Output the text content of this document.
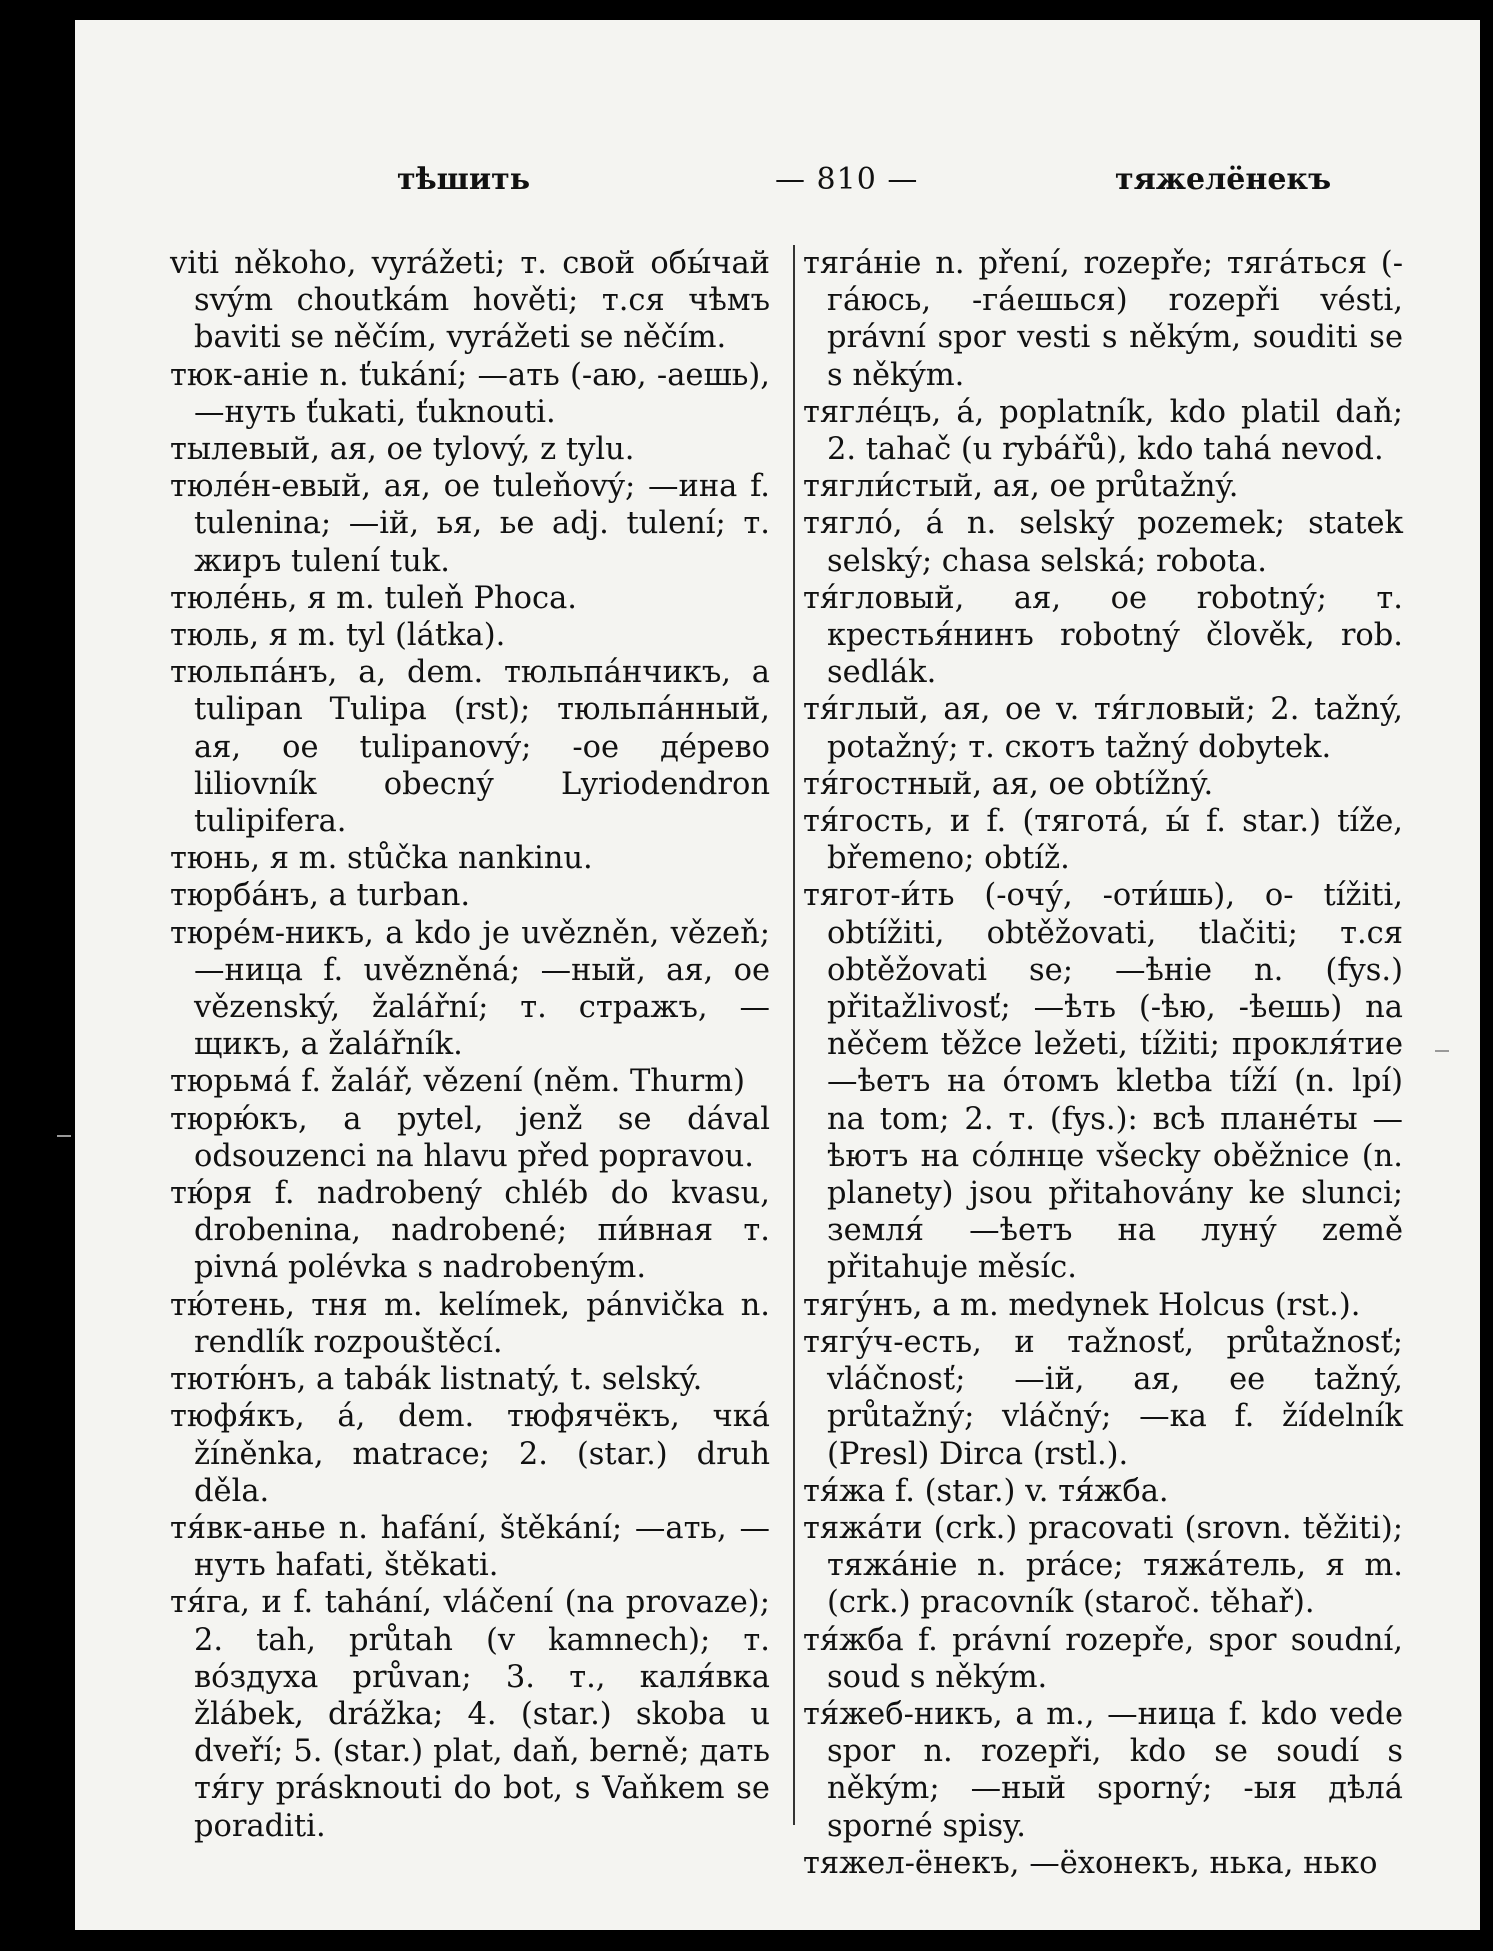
тѣшить	— 810 —	тяжелёнекъ

viti někoho, vyrážeti; т. свой обы́чай svým choutkám hověti; т.ся чѣмъ baviti se něčím, vyrážeti se něčím.

тюк-аніе n. ťukání; —ать (-аю, -аешь), —нуть ťukati, ťuknouti.

тылевый, ая, ое tylový, z tylu.

тюле́н-евый, ая, ое tuleňový; —ина f. tulenina; —ій, ья, ье adj. tulení; т. жиръ tulení tuk.

тюле́нь, я m. tuleň Phoca.

тюль, я m. tyl (látka).

тюльпа́нъ, а, dem. тюльпа́нчикъ, а tulipan Tulipa (rst); тюльпа́нный, ая, ое tulipanový; -ое де́рево liliovník obecný Lyriodendron tulipifera.

тюнь, я m. stůčka nankinu.

тюрба́нъ, а turban.

тюре́м-никъ, а kdo je uvězněn, vězeň; —ница f. uvězněná; —ный, ая, ое vězenský, žalářní; т. стражъ, —щикъ, а žalářník.

тюрьма́ f. žalář, vězení (něm. Thurm)

тюрю́къ, а pytel, jenž se dával odsouzenci na hlavu před popravou.

тю́ря f. nadrobený chléb do kvasu, drobenina, nadrobené; пи́вная т. pivná polévka s nadrobeným.

тю́тень, тня m. kelímek, pánvička n. rendlík rozpouštěcí.

тютю́нъ, а tabák listnatý, t. selský.

тюфя́къ, а́, dem. тюфячёкъ, чка́ žíněnka, matrace; 2. (star.) druh děla.

тя́вк-анье n. hafání, štěkání; —ать, —нуть hafati, štěkati.

тя́га, и f. tahání, vláčení (na provaze); 2. tah, průtah (v kamnech); т. во́здуха průvan; 3. т., каля́вка žlábek, drážka; 4. (star.) skoba u dveří; 5. (star.) plat, daň, berně; дать тя́гу prásknouti do bot, s Vaňkem se poraditi.

тяга́ніе n. pření, rozepře; тяга́ться (-га́юсь, -га́ешься) rozepři vésti, právní spor vesti s někým, souditi se s někým.

тягле́цъ, а́, poplatník, kdo platil daň; 2. tahač (u rybářů), kdo tahá nevod.

тягли́стый, ая, ое průtažný.

тягло́, а́ n. selský pozemek; statek selský; chasa selská; robota.

тя́гловый, ая, ое robotný; т. крестья́нинъ robotný člověk, rob. sedlák.

тя́глый, ая, ое v. тя́гловый; 2. tažný, potažný; т. скотъ tažný dobytek.

тя́гостный, ая, ое obtížný.

тя́гость, и f. (тягота́, ы́ f. star.) tíže, břemeno; obtíž.

тягот-и́ть (-очу́, -оти́шь), о- tížiti, obtížiti, obtěžovati, tlačiti; т.ся obtěžovati se; —ѣніе n. (fys.) přitažlivosť; —ѣть (-ѣю, -ѣешь) na něčem těžce ležeti, tížiti; прокля́тие —ѣетъ на о́томъ kletba tíží (n. lpí) na tom; 2. т. (fys.): всѣ плане́ты —ѣютъ на со́лнце všecky oběžnice (n. planety) jsou přitahovány ke slunci; земля́ —ѣетъ на луну́ země přitahuje měsíc.

тягу́нъ, а m. medynek Holcus (rst.).

тягу́ч-есть, и тažnosť, průtažnosť; vláčnosť; —ій, ая, ее tažný, průtažný; vláčný; —ка f. žídelník (Presl) Dirca (rstl.).

тя́жа f. (star.) v. тя́жба.

тяжа́ти (crk.) pracovati (srovn. těžiti); тяжа́ніе n. práce; тяжа́тель, я m. (crk.) pracovník (staroč. těhař).

тя́жба f. právní rozepře, spor soudní, soud s někým.

тя́жеб-никъ, а m., —ница f. kdo vede spor n. rozepři, kdo se soudí s někým; —ный sporný; -ыя дѣла́ sporné spisy.

тяжел-ёнекъ, —ёхонекъ, нька, нько
